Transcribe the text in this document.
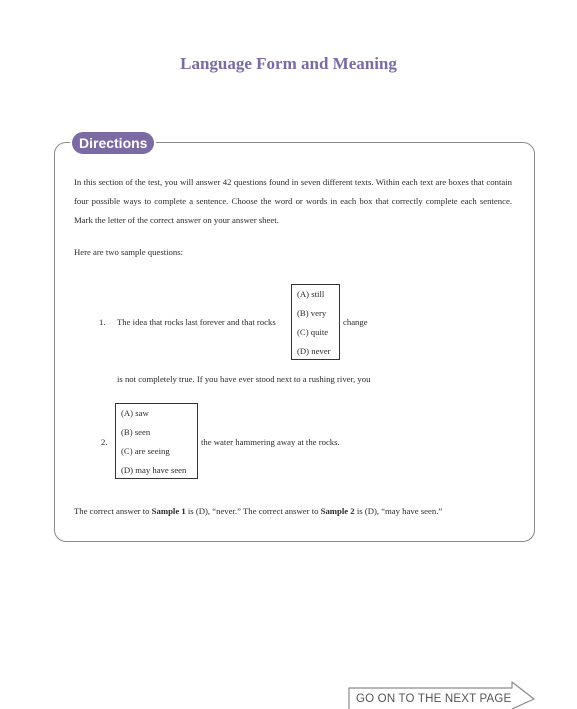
Language Form and Meaning
Directions

In this section of the test, you will answer 42 questions found in seven different texts. Within each text are boxes that contain four possible ways to complete a sentence. Choose the word or words in each box that correctly complete each sentence. Mark the letter of the correct answer on your answer sheet.

Here are two sample questions:

(A) still
(B) very
(C) quite
(D) never
1. The idea that rocks last forever and that rocks	change
is not completely true. If you have ever stood next to a rushing river, you
(A) saw
(B) seen
(C) are seeing
(D) may have seen
2.	the water hammering away at the rocks.

The correct answer to Sample 1 is (D), “never.” The correct answer to Sample 2 is (D), “may have seen.”

GO ON TO THE NEXT PAGE
